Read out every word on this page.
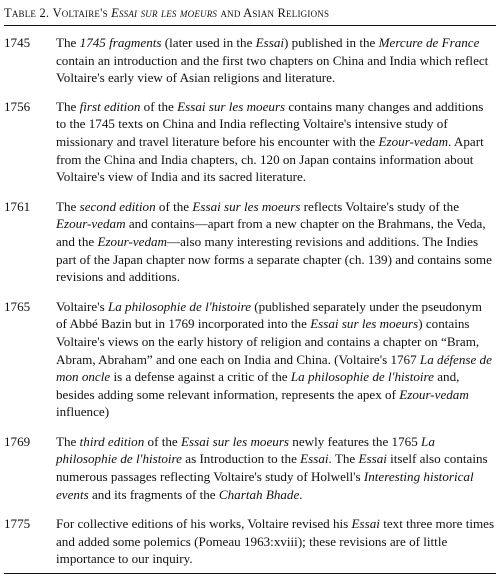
Table 2. Voltaire's Essai sur les moeurs and Asian Religions
1745	The 1745 fragments (later used in the Essai) published in the Mercure de France contain an introduction and the first two chapters on China and India which reflect Voltaire's early view of Asian religions and literature.

1756	The first edition of the Essai sur les moeurs contains many changes and additions to the 1745 texts on China and India reflecting Voltaire's intensive study of missionary and travel literature before his encounter with the Ezour-vedam. Apart from the China and India chapters, ch. 120 on Japan contains information about Voltaire's view of India and its sacred literature.

1761	The second edition of the Essai sur les moeurs reflects Voltaire's study of the Ezour-vedam and contains—apart from a new chapter on the Brahmans, the Veda, and the Ezour-vedam—also many interesting revisions and additions. The Indies part of the Japan chapter now forms a separate chapter (ch. 139) and contains some revisions and additions.

1765	Voltaire's La philosophie de l'histoire (published separately under the pseudonym of Abbé Bazin but in 1769 incorporated into the Essai sur les moeurs) contains Voltaire's views on the early history of religion and contains a chapter on “Bram, Abram, Abraham” and one each on India and China. (Voltaire's 1767 La défense de mon oncle is a defense against a critic of the La philosophie de l'histoire and, besides adding some relevant information, represents the apex of Ezour-vedam influence)

1769	The third edition of the Essai sur les moeurs newly features the 1765 La philosophie de l'histoire as Introduction to the Essai. The Essai itself also contains numerous passages reflecting Voltaire's study of Holwell's Interesting historical events and its fragments of the Chartah Bhade.

1775	For collective editions of his works, Voltaire revised his Essai text three more times and added some polemics (Pomeau 1963:xviii); these revisions are of little importance to our inquiry.
